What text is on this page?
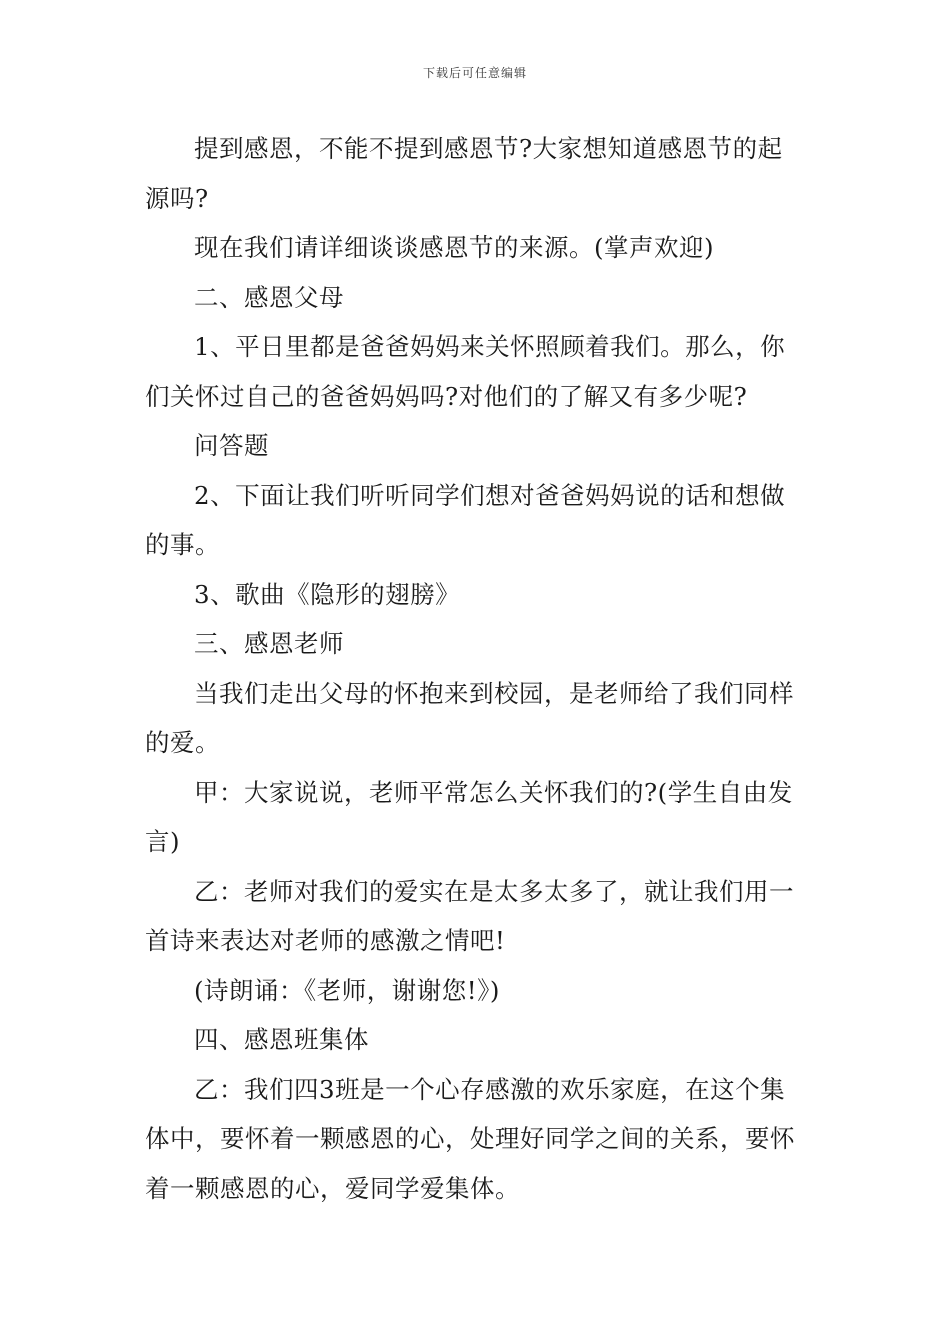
下载后可任意编辑

提到感恩，不能不提到感恩节?大家想知道感恩节的起源吗?

现在我们请详细谈谈感恩节的来源。(掌声欢迎)

二、感恩父母

1、平日里都是爸爸妈妈来关怀照顾着我们。那么，你们关怀过自己的爸爸妈妈吗?对他们的了解又有多少呢?

问答题

2、下面让我们听听同学们想对爸爸妈妈说的话和想做的事。

3、歌曲《隐形的翅膀》

三、感恩老师

当我们走出父母的怀抱来到校园，是老师给了我们同样的爱。

甲：大家说说，老师平常怎么关怀我们的?(学生自由发言)

乙：老师对我们的爱实在是太多太多了，就让我们用一首诗来表达对老师的感激之情吧!

(诗朗诵：《老师，谢谢您!》)

四、感恩班集体

乙：我们四3班是一个心存感激的欢乐家庭，在这个集体中，要怀着一颗感恩的心，处理好同学之间的关系，要怀着一颗感恩的心，爱同学爱集体。
